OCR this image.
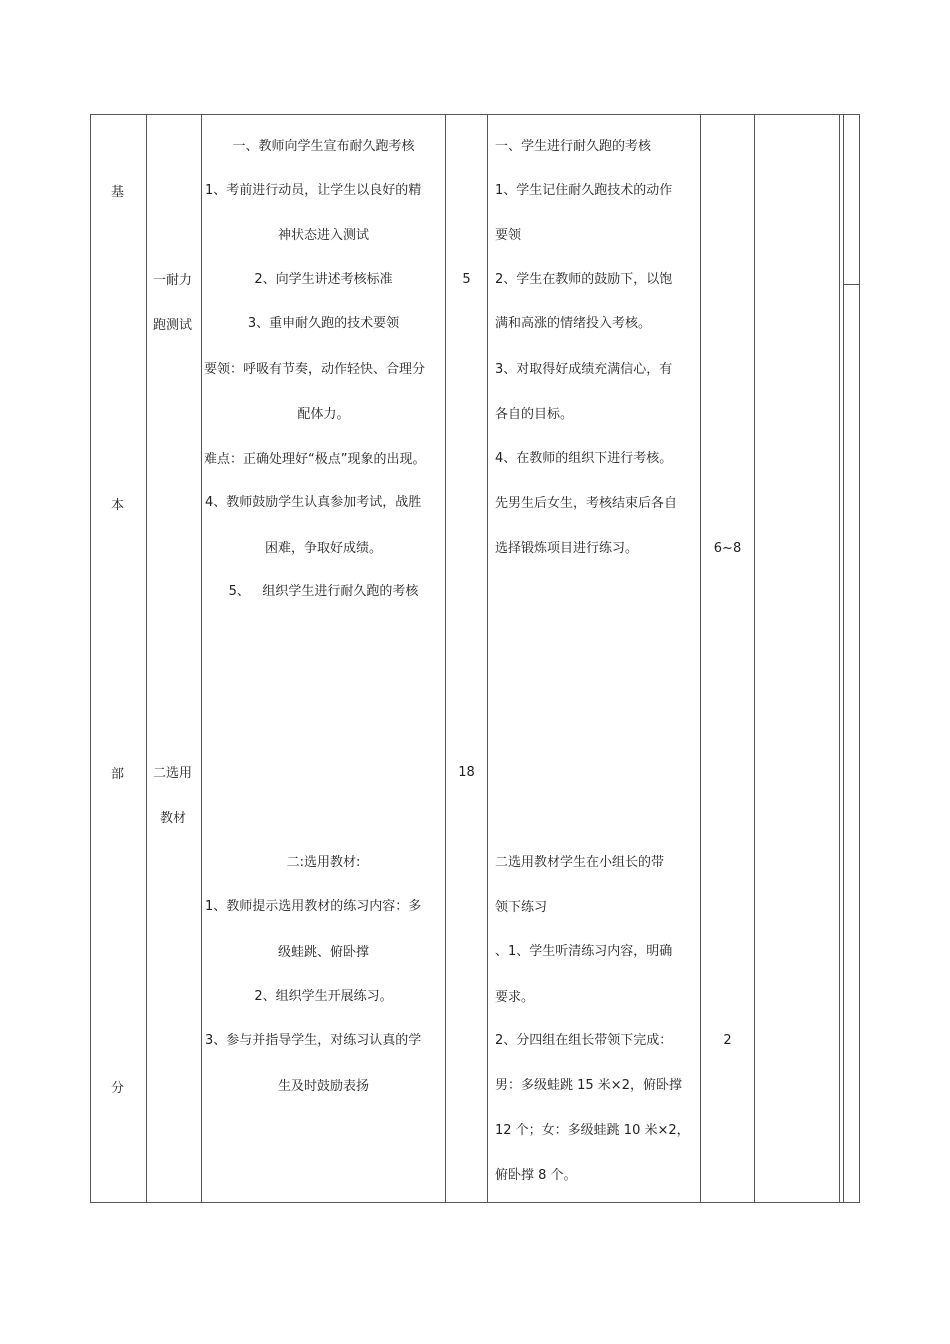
基
本
部
分
一耐力
跑测试
二选用
教材
一、教师向学生宣布耐久跑考核
1、考前进行动员，让学生以良好的精
神状态进入测试
2、向学生讲述考核标准
3、重申耐久跑的技术要领
要领：呼吸有节奏，动作轻快、合理分
配体力。
难点：正确处理好“极点”现象的出现。
4、教师鼓励学生认真参加考试，战胜
困难，争取好成绩。
5、   组织学生进行耐久跑的考核
二:选用教材:
1、教师提示选用教材的练习内容：多
级蛙跳、俯卧撑
2、组织学生开展练习。
3、参与并指导学生，对练习认真的学
生及时鼓励表扬
5
18
一、学生进行耐久跑的考核
1、学生记住耐久跑技术的动作
要领
2、学生在教师的鼓励下，以饱
满和高涨的情绪投入考核。
3、对取得好成绩充满信心，有
各自的目标。
4、在教师的组织下进行考核。
先男生后女生，考核结束后各自
选择锻炼项目进行练习。
二选用教材学生在小组长的带
领下练习
、1、学生听清练习内容，明确
要求。
2、分四组在组长带领下完成：
男：多级蛙跳 15 米×2，俯卧撑
12 个；女：多级蛙跳 10 米×2，
俯卧撑 8 个。
6~8
2
